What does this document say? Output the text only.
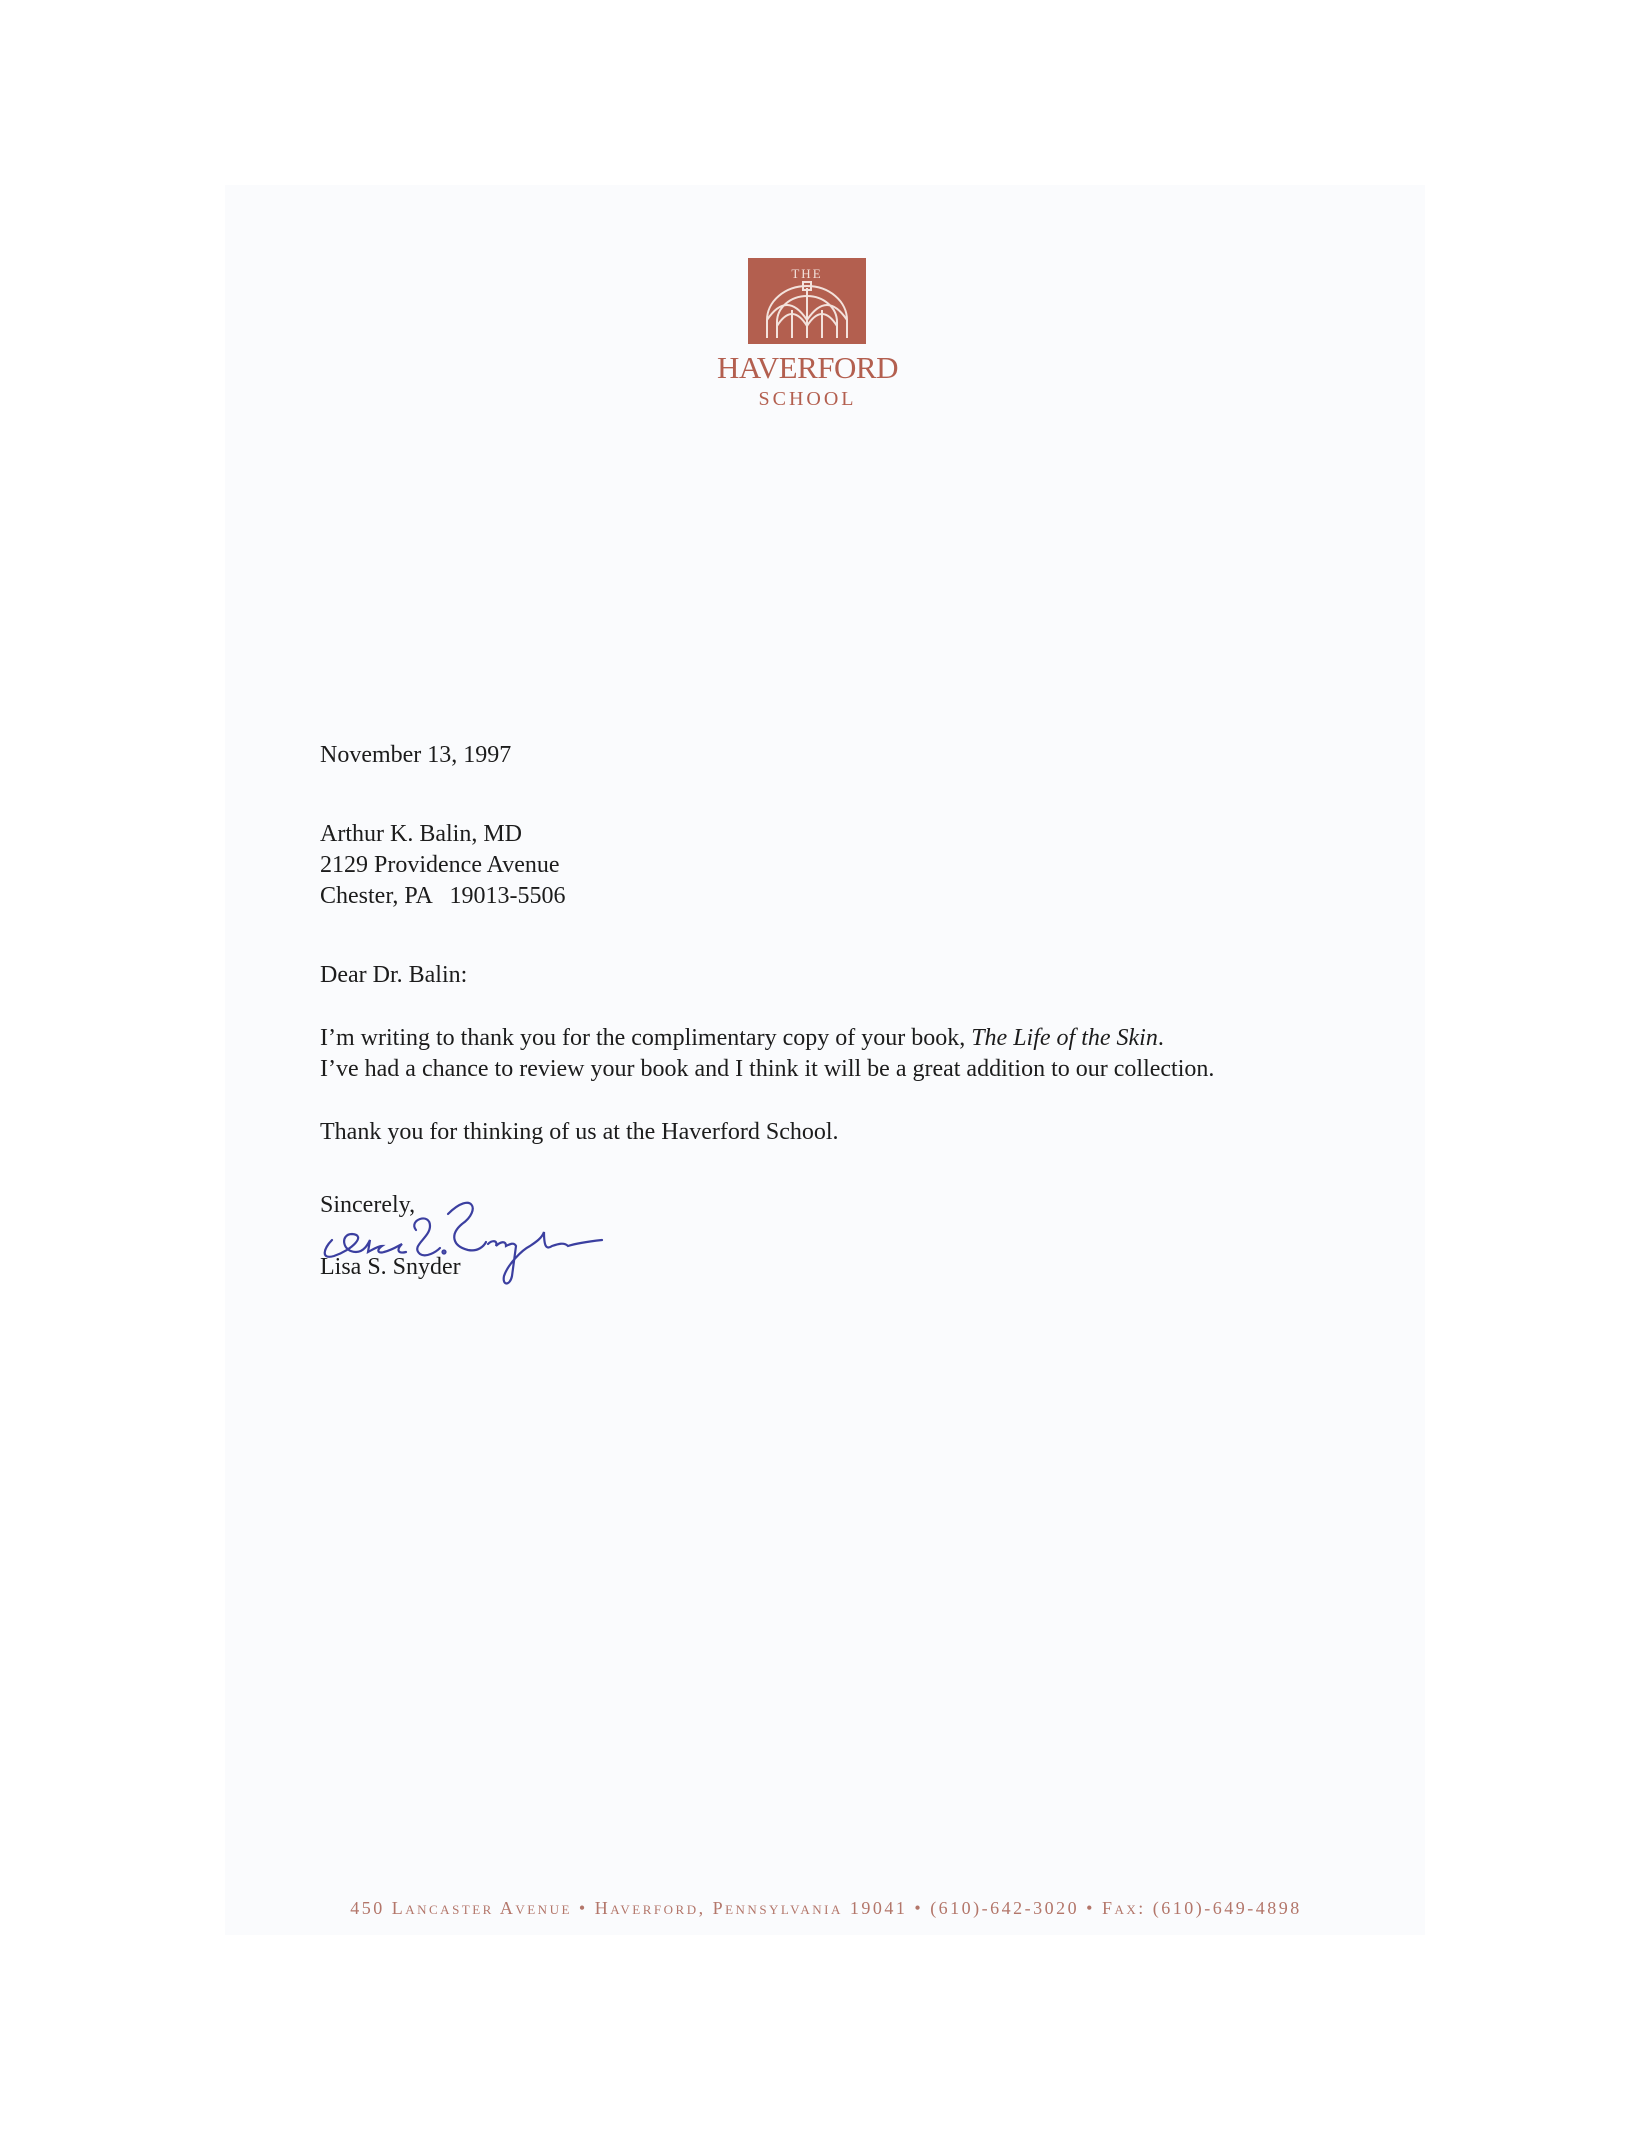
THE
HAVERFORD
SCHOOL
November 13, 1997
Arthur K. Balin, MD
2129 Providence Avenue
Chester, PA   19013-5506
Dear Dr. Balin:
I’m writing to thank you for the complimentary copy of your book, The Life of the Skin.
I’ve had a chance to review your book and I think it will be a great addition to our collection.
Thank you for thinking of us at the Haverford School.
Sincerely,
Lisa S. Snyder
450 Lancaster Avenue • Haverford, Pennsylvania 19041 • (610)-642-3020 • Fax: (610)-649-4898
